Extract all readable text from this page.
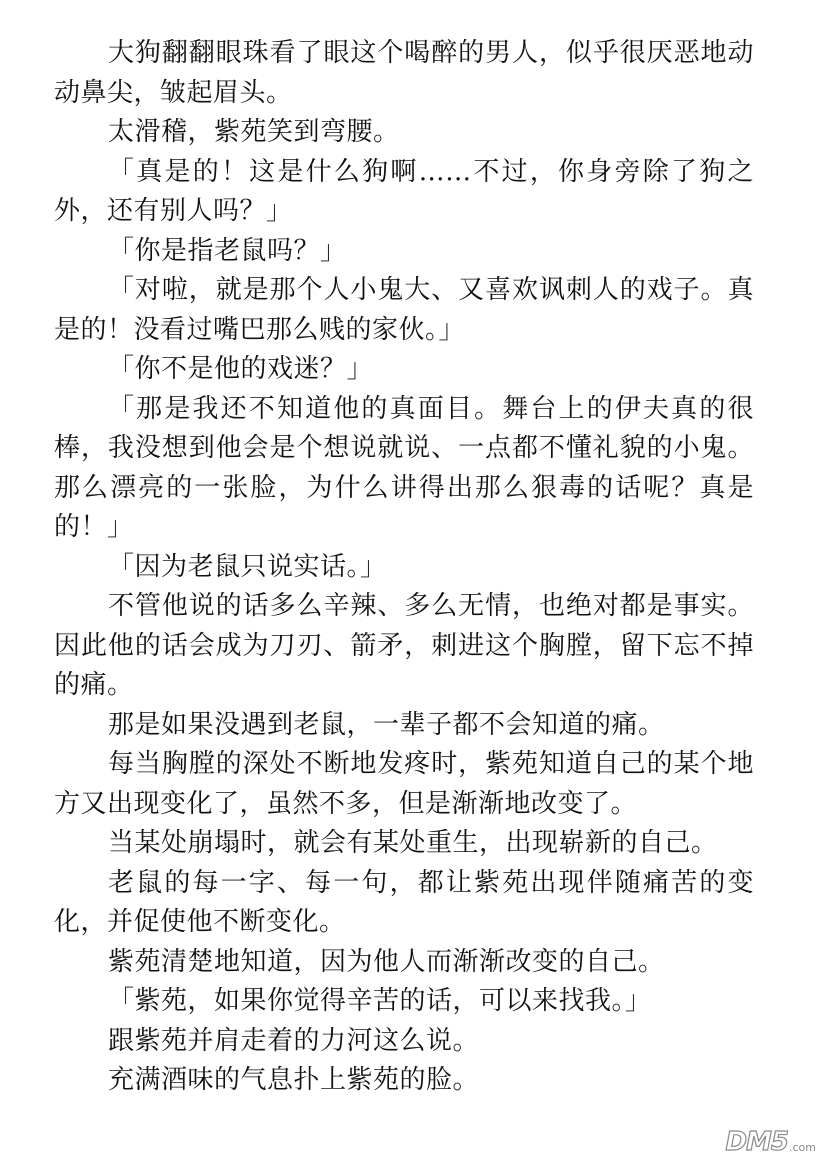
大狗翻翻眼珠看了眼这个喝醉的男人，似乎很厌恶地动动鼻尖，皱起眉头。

太滑稽，紫苑笑到弯腰。

「真是的！这是什么狗啊……不过，你身旁除了狗之外，还有别人吗？」

「你是指老鼠吗？」

「对啦，就是那个人小鬼大、又喜欢讽刺人的戏子。真是的！没看过嘴巴那么贱的家伙。」

「你不是他的戏迷？」

「那是我还不知道他的真面目。舞台上的伊夫真的很棒，我没想到他会是个想说就说、一点都不懂礼貌的小鬼。那么漂亮的一张脸，为什么讲得出那么狠毒的话呢？真是的！」

「因为老鼠只说实话。」

不管他说的话多么辛辣、多么无情，也绝对都是事实。因此他的话会成为刀刃、箭矛，刺进这个胸膛，留下忘不掉的痛。

那是如果没遇到老鼠，一辈子都不会知道的痛。

每当胸膛的深处不断地发疼时，紫苑知道自己的某个地方又出现变化了，虽然不多，但是渐渐地改变了。

当某处崩塌时，就会有某处重生，出现崭新的自己。

老鼠的每一字、每一句，都让紫苑出现伴随痛苦的变化，并促使他不断变化。

紫苑清楚地知道，因为他人而渐渐改变的自己。

「紫苑，如果你觉得辛苦的话，可以来找我。」

跟紫苑并肩走着的力河这么说。

充满酒味的气息扑上紫苑的脸。

DM5 .com
